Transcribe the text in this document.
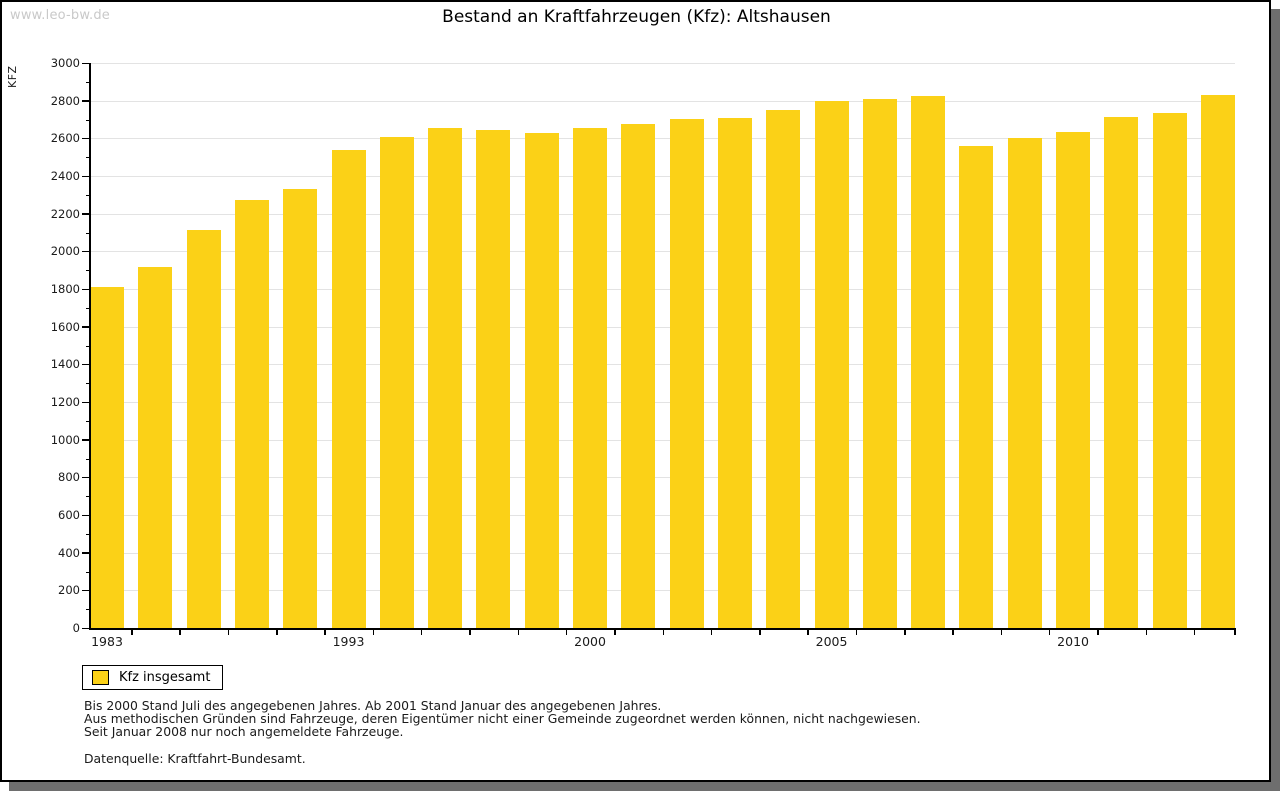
www.leo-bw.de	Bestand an Kraftfahrzeugen (Kfz): Altshausen
KFZ
0
200
400
600
800
1000
1200
1400
1600
1800
2000
2200
2400
2600
2800
3000
1983	1993	2000	2005	2010
Kfz insgesamt
Bis 2000 Stand Juli des angegebenen Jahres. Ab 2001 Stand Januar des angegebenen Jahres.
Aus methodischen Gründen sind Fahrzeuge, deren Eigentümer nicht einer Gemeinde zugeordnet werden können, nicht nachgewiesen.
Seit Januar 2008 nur noch angemeldete Fahrzeuge.
Datenquelle: Kraftfahrt-Bundesamt.
